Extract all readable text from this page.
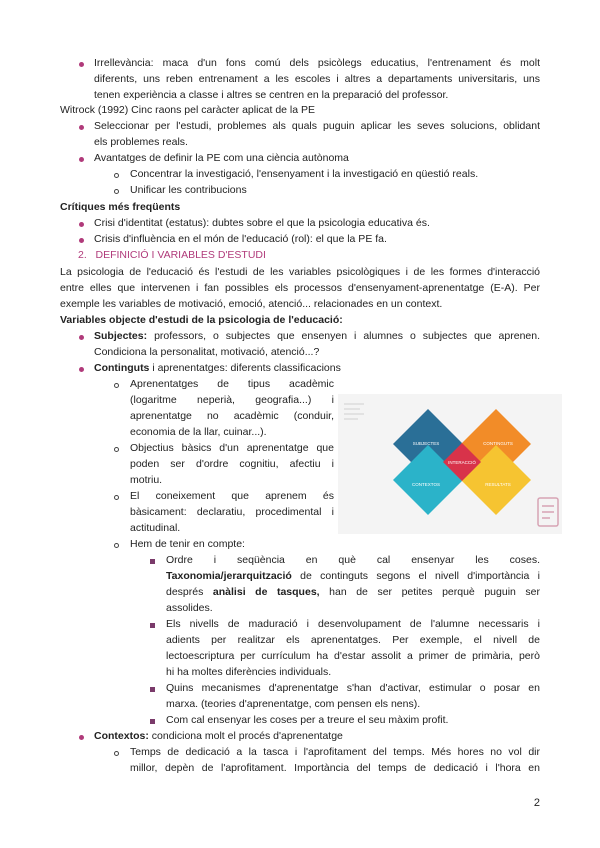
Irrellevància: maca d'un fons comú dels psicòlegs educatius, l'entrenament és molt
diferents, uns reben entrenament a les escoles i altres a departaments universitaris, uns
tenen experiència a classe i altres se centren en la preparació del professor.
Witrock (1992) Cinc raons pel caràcter aplicat de la PE
Seleccionar per l'estudi, problemes als quals puguin aplicar les seves solucions, oblidant
els problemes reals.
Avantatges de definir la PE com una ciència autònoma
Concentrar la investigació, l'ensenyament i la investigació en qüestió reals.
Unificar les contribucions
Crítiques més freqüents
Crisi d'identitat (estatus): dubtes sobre el que la psicologia educativa és.
Crisis d'influència en el món de l'educació (rol): el que la PE fa.
2.   DEFINICIÓ I VARIABLES D'ESTUDI
La psicologia de l'educació és l'estudi de les variables psicològiques i de les formes d'interacció
entre elles que intervenen i fan possibles els processos d'ensenyament-aprenentatge (E-A). Per
exemple les variables de motivació, emoció, atenció... relacionades en un context.
Variables objecte d'estudi de la psicologia de l'educació:
Subjectes: professors, o subjectes que ensenyen i alumnes o subjectes que aprenen.
Condiciona la personalitat, motivació, atenció...?
Continguts i aprenentatges: diferents classificacions
Aprenentatges de tipus acadèmic
(logaritme neperià, geografia...) i
aprenentatge no acadèmic (conduir,
economia de la llar, cuinar...).
Objectius bàsics d'un aprenentatge que
poden ser d'ordre cognitiu, afectiu i
motriu.
El coneixement que aprenem és
bàsicament: declaratiu, procedimental i
actitudinal.
Hem de tenir en compte:
Ordre i seqüència en què cal ensenyar les coses.
Taxonomia/jerarquització de continguts segons el nivell d'importància i
després anàlisi de tasques, han de ser petites perquè puguin ser
assolides.
Els nivells de maduració i desenvolupament de l'alumne necessaris i
adients per realitzar els aprenentatges. Per exemple, el nivell de
lectoescriptura per currículum ha d'estar assolit a primer de primària, però
hi ha moltes diferències individuals.
Quins mecanismes d'aprenentatge s'han d'activar, estimular o posar en
marxa. (teories d'aprenentatge, com pensen els nens).
Com cal ensenyar les coses per a treure el seu màxim profit.
Contextos: condiciona molt el procés d'aprenentatge
Temps de dedicació a la tasca i l'aprofitament del temps. Més hores no vol dir
millor, depèn de l'aprofitament. Importància del temps de dedicació i l'hora en
SUBJECTES	CONTINGUTS
INTERACCIÓ
CONTEXTOS	RESULTATS
2
